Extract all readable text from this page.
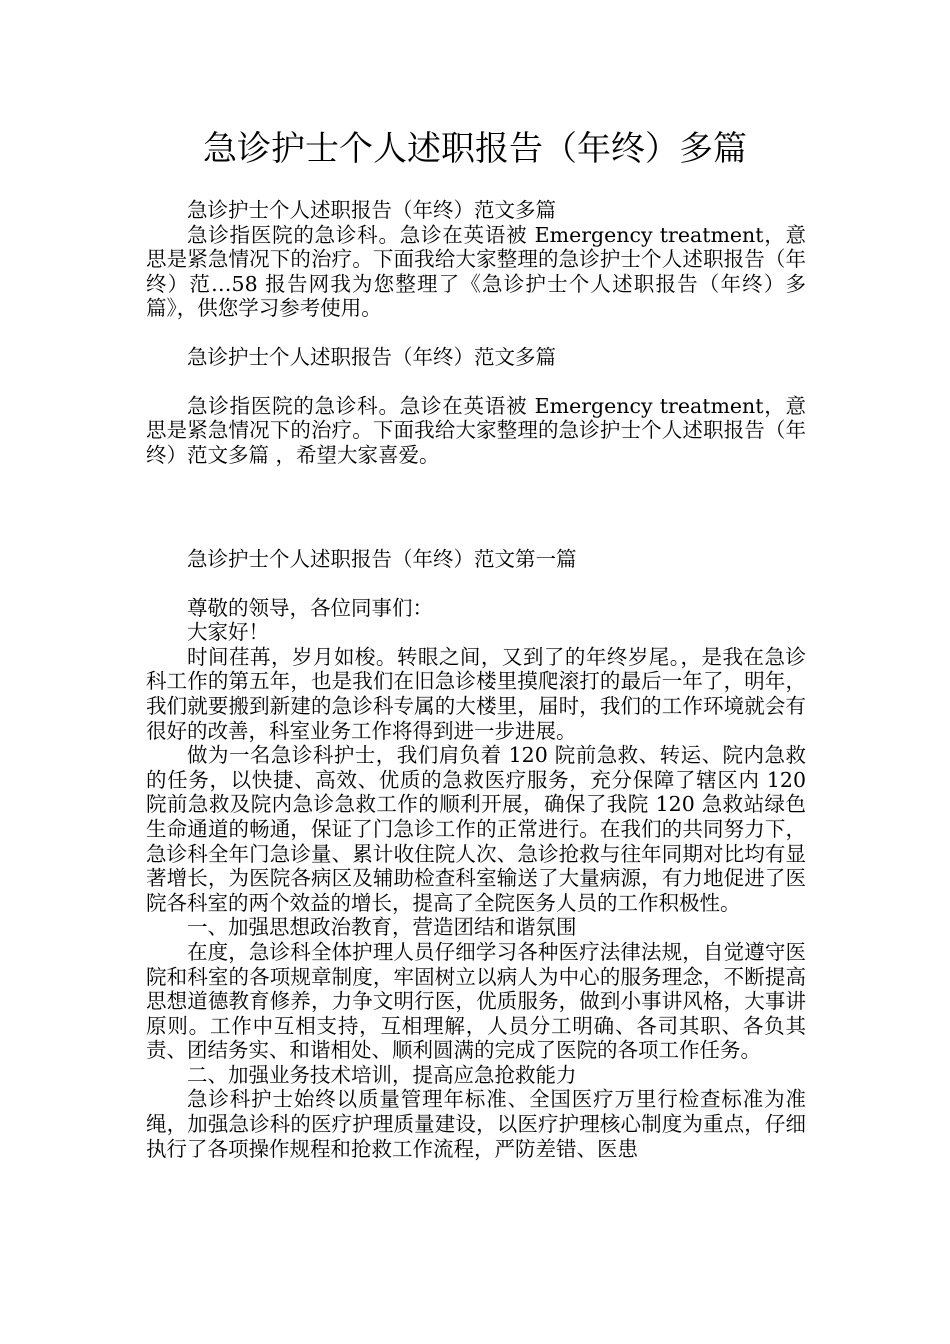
急诊护士个人述职报告（年终）多篇

急诊护士个人述职报告（年终）范文多篇

急诊指医院的急诊科。急诊在英语被 Emergency treatment，意思是紧急情况下的治疗。下面我给大家整理的急诊护士个人述职报告（年终）范…58 报告网我为您整理了《急诊护士个人述职报告（年终）多篇》，供您学习参考使用。

急诊护士个人述职报告（年终）范文多篇

急诊指医院的急诊科。急诊在英语被 Emergency treatment，意思是紧急情况下的治疗。下面我给大家整理的急诊护士个人述职报告（年终）范文多篇 ，希望大家喜爱。

急诊护士个人述职报告（年终）范文第一篇

尊敬的领导，各位同事们：

大家好！

时间荏苒，岁月如梭。转眼之间，又到了的年终岁尾。，是我在急诊科工作的第五年，也是我们在旧急诊楼里摸爬滚打的最后一年了，明年，我们就要搬到新建的急诊科专属的大楼里，届时，我们的工作环境就会有很好的改善，科室业务工作将得到进一步进展。

做为一名急诊科护士，我们肩负着 120 院前急救、转运、院内急救的任务，以快捷、高效、优质的急救医疗服务，充分保障了辖区内 120 院前急救及院内急诊急救工作的顺利开展，确保了我院 120 急救站绿色生命通道的畅通，保证了门急诊工作的正常进行。在我们的共同努力下，急诊科全年门急诊量、累计收住院人次、急诊抢救与往年同期对比均有显著增长，为医院各病区及辅助检查科室输送了大量病源，有力地促进了医院各科室的两个效益的增长，提高了全院医务人员的工作积极性。

一、加强思想政治教育，营造团结和谐氛围

在度，急诊科全体护理人员仔细学习各种医疗法律法规，自觉遵守医院和科室的各项规章制度，牢固树立以病人为中心的服务理念，不断提高思想道德教育修养，力争文明行医，优质服务，做到小事讲风格，大事讲原则。工作中互相支持，互相理解，人员分工明确、各司其职、各负其责、团结务实、和谐相处、顺利圆满的完成了医院的各项工作任务。

二、加强业务技术培训，提高应急抢救能力

急诊科护士始终以质量管理年标准、全国医疗万里行检查标准为准绳，加强急诊科的医疗护理质量建设，以医疗护理核心制度为重点，仔细执行了各项操作规程和抢救工作流程，严防差错、医患
